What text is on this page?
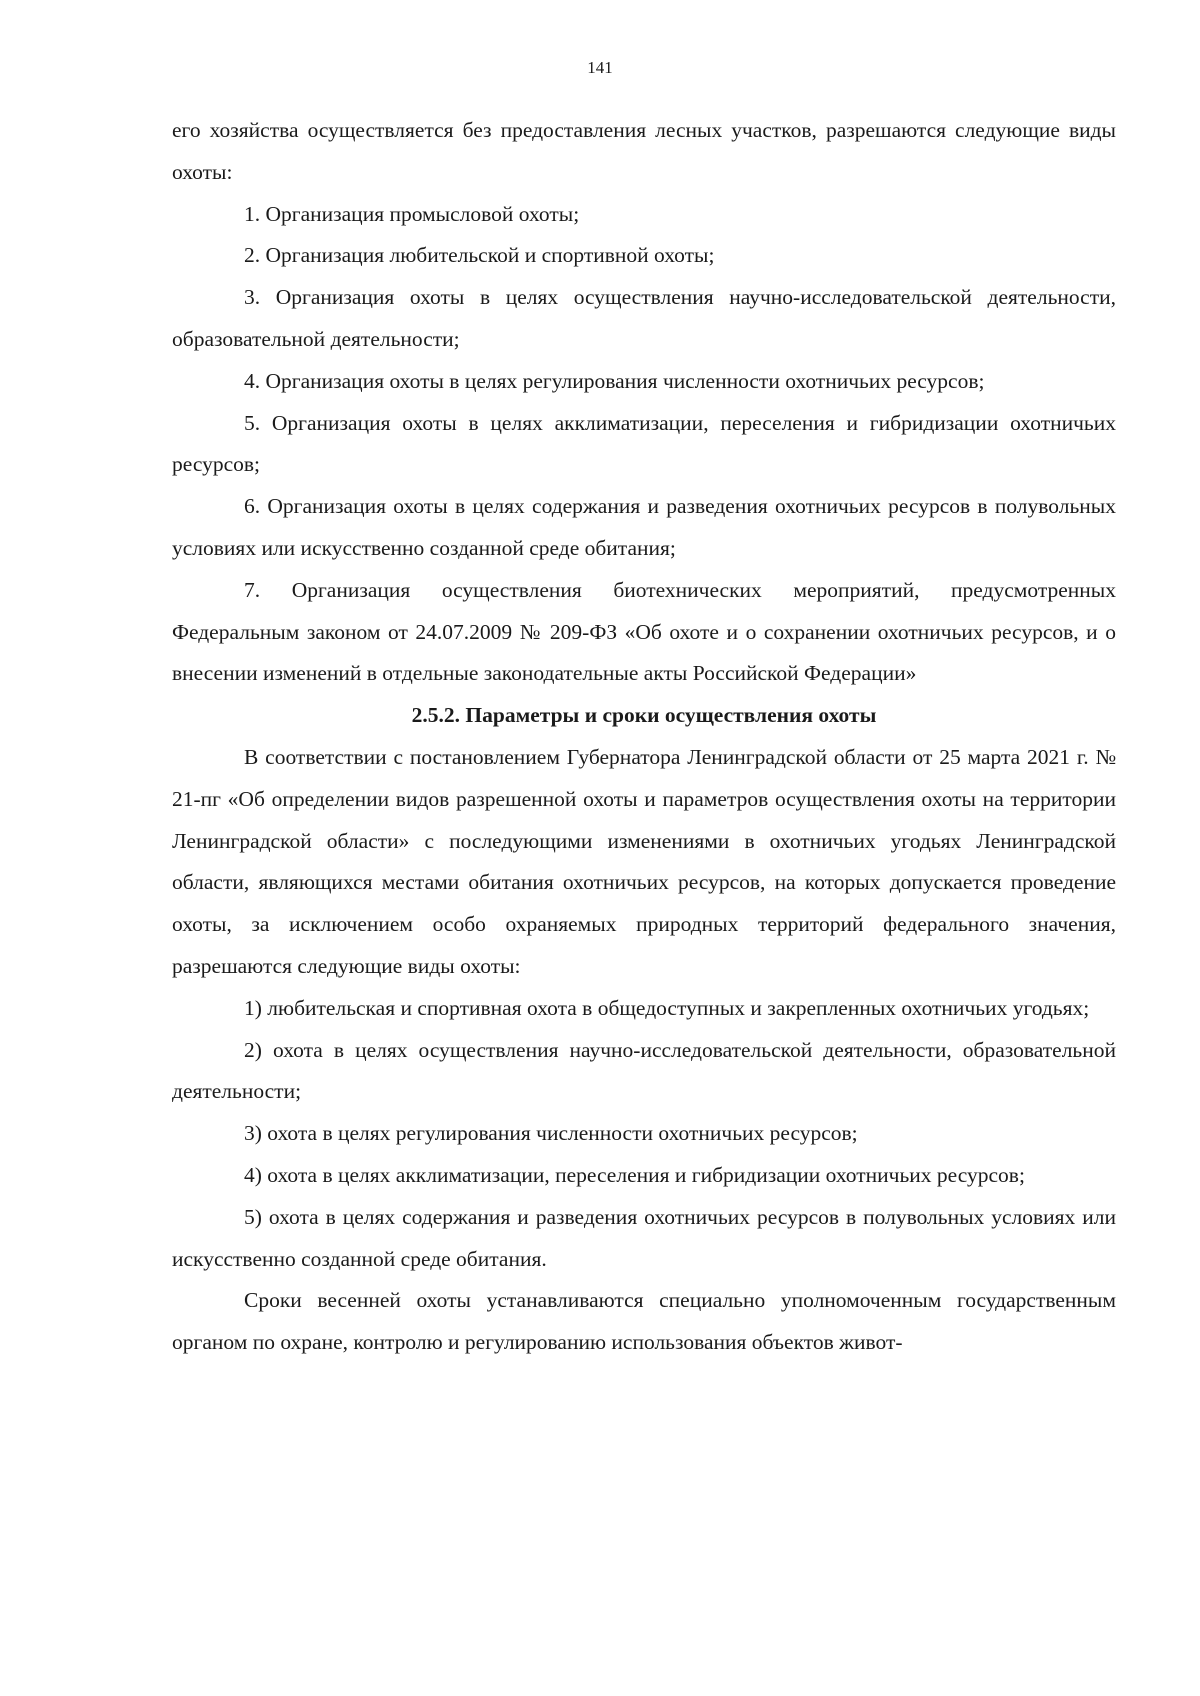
141

его хозяйства осуществляется без предоставления лесных участков, разрешаются следующие виды охоты:

1. Организация промысловой охоты;

2. Организация любительской и спортивной охоты;

3. Организация охоты в целях осуществления научно-исследовательской деятельности, образовательной деятельности;

4. Организация охоты в целях регулирования численности охотничьих ресурсов;

5. Организация охоты в целях акклиматизации, переселения и гибридизации охотничьих ресурсов;

6. Организация охоты в целях содержания и разведения охотничьих ресурсов в полувольных условиях или искусственно созданной среде обитания;

7. Организация осуществления биотехнических мероприятий, предусмотренных Федеральным законом от 24.07.2009 № 209-ФЗ «Об охоте и о сохранении охотничьих ресурсов, и о внесении изменений в отдельные законодательные акты Российской Федерации»

2.5.2. Параметры и сроки осуществления охоты

В соответствии с постановлением Губернатора Ленинградской области от 25 марта 2021 г. № 21-пг «Об определении видов разрешенной охоты и параметров осуществления охоты на территории Ленинградской области» с последующими изменениями в охотничьих угодьях Ленинградской области, являющихся местами обитания охотничьих ресурсов, на которых допускается проведение охоты, за исключением особо охраняемых природных территорий федерального значения, разрешаются следующие виды охоты:

1) любительская и спортивная охота в общедоступных и закрепленных охотничьих угодьях;

2) охота в целях осуществления научно-исследовательской деятельности, образовательной деятельности;

3) охота в целях регулирования численности охотничьих ресурсов;

4) охота в целях акклиматизации, переселения и гибридизации охотничьих ресурсов;

5) охота в целях содержания и разведения охотничьих ресурсов в полувольных условиях или искусственно созданной среде обитания.

Сроки весенней охоты устанавливаются специально уполномоченным государственным органом по охране, контролю и регулированию использования объектов живот-
